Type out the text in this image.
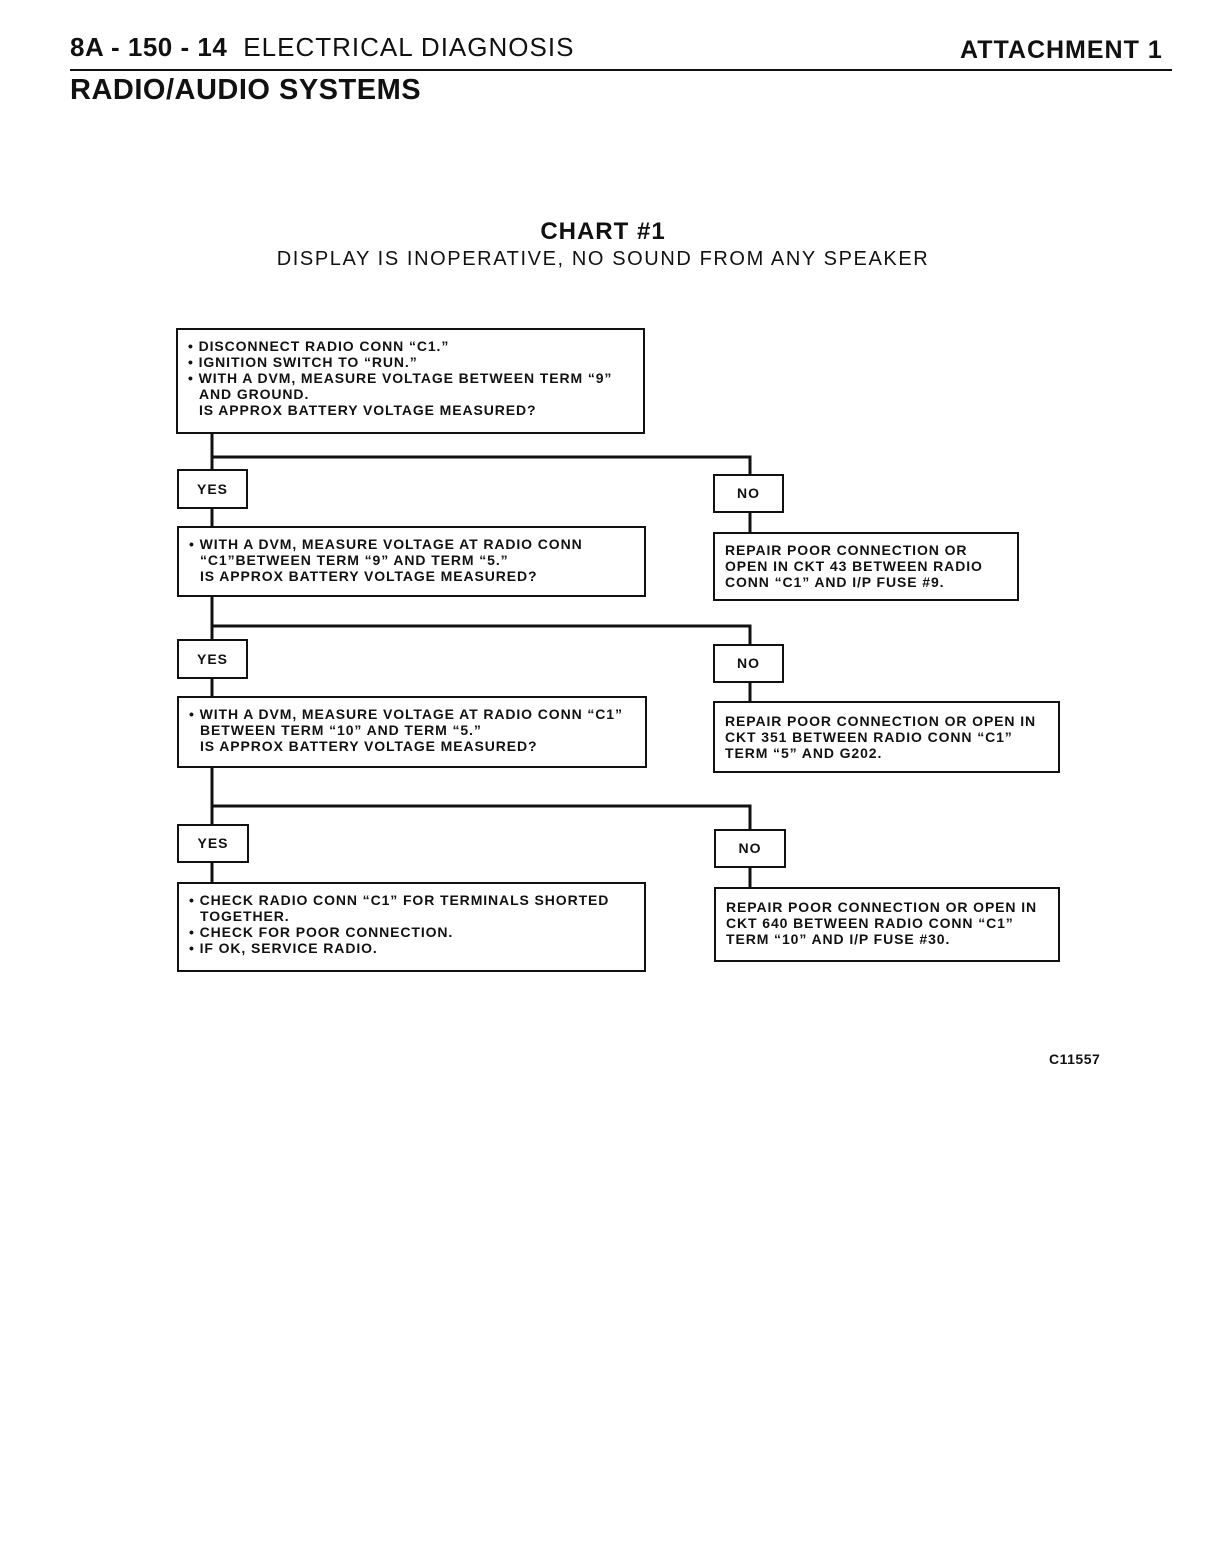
8A - 150 - 14 ELECTRICAL DIAGNOSIS	ATTACHMENT 1
RADIO/AUDIO SYSTEMS
CHART #1
DISPLAY IS INOPERATIVE, NO SOUND FROM ANY SPEAKER
• DISCONNECT RADIO CONN “C1.”
• IGNITION SWITCH TO “RUN.”
• WITH A DVM, MEASURE VOLTAGE BETWEEN TERM “9”
AND GROUND.
IS APPROX BATTERY VOLTAGE MEASURED?
YES	NO
• WITH A DVM, MEASURE VOLTAGE AT RADIO CONN
“C1”BETWEEN TERM “9” AND TERM “5.”
IS APPROX BATTERY VOLTAGE MEASURED?
REPAIR POOR CONNECTION OR
OPEN IN CKT 43 BETWEEN RADIO
CONN “C1” AND I/P FUSE #9.
YES	NO
• WITH A DVM, MEASURE VOLTAGE AT RADIO CONN “C1”
BETWEEN TERM “10” AND TERM “5.”
IS APPROX BATTERY VOLTAGE MEASURED?
REPAIR POOR CONNECTION OR OPEN IN
CKT 351 BETWEEN RADIO CONN “C1”
TERM “5” AND G202.
YES	NO
• CHECK RADIO CONN “C1” FOR TERMINALS SHORTED
TOGETHER.
• CHECK FOR POOR CONNECTION.
• IF OK, SERVICE RADIO.
REPAIR POOR CONNECTION OR OPEN IN
CKT 640 BETWEEN RADIO CONN “C1”
TERM “10” AND I/P FUSE #30.
C11557
